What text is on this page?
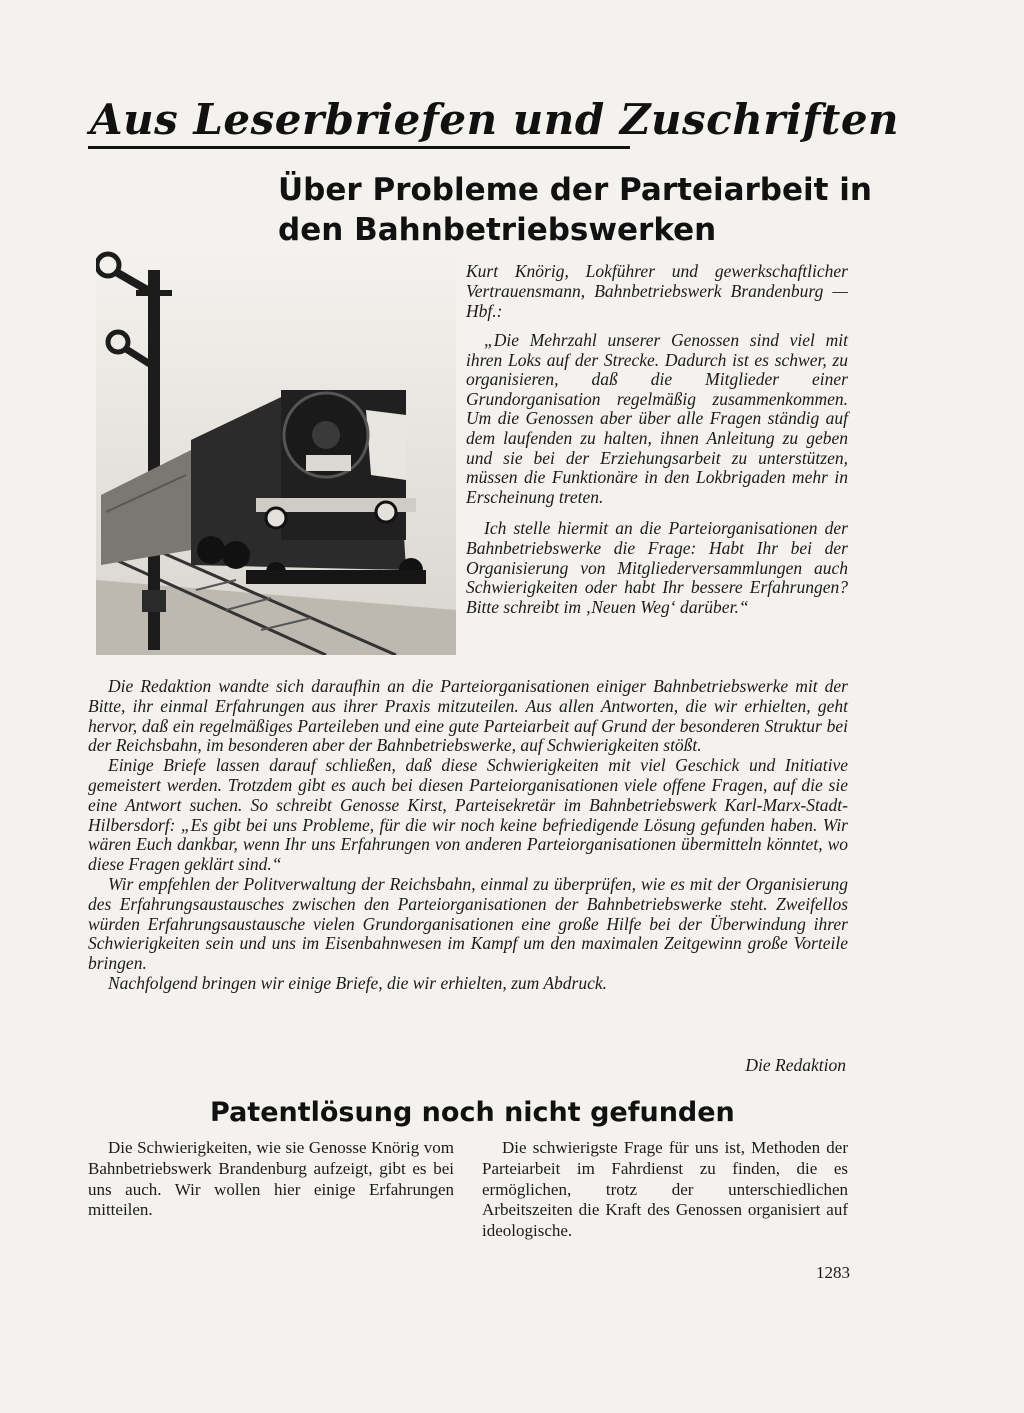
Aus Leserbriefen und Zuschriften
Über Probleme der Parteiarbeit in den Bahnbetriebswerken

Kurt Knörig, Lokführer und gewerkschaftlicher Vertrauensmann, Bahnbetriebswerk Brandenburg — Hbf.:

„Die Mehrzahl unserer Genossen sind viel mit ihren Loks auf der Strecke. Dadurch ist es schwer, zu organisieren, daß die Mitglieder einer Grundorganisation regelmäßig zusammenkommen. Um die Genossen aber über alle Fragen ständig auf dem laufenden zu halten, ihnen Anleitung zu geben und sie bei der Erziehungsarbeit zu unterstützen, müssen die Funktionäre in den Lokbrigaden mehr in Erscheinung treten.

Ich stelle hiermit an die Parteiorganisationen der Bahnbetriebswerke die Frage: Habt Ihr bei der Organisierung von Mitgliederversammlungen auch Schwierigkeiten oder habt Ihr bessere Erfahrungen? Bitte schreibt im ‚Neuen Weg‘ darüber.“

Die Redaktion wandte sich daraufhin an die Parteiorganisationen einiger Bahnbetriebswerke mit der Bitte, ihr einmal Erfahrungen aus ihrer Praxis mitzuteilen. Aus allen Antworten, die wir erhielten, geht hervor, daß ein regelmäßiges Parteileben und eine gute Parteiarbeit auf Grund der besonderen Struktur bei der Reichsbahn, im besonderen aber der Bahnbetriebswerke, auf Schwierigkeiten stößt.

Einige Briefe lassen darauf schließen, daß diese Schwierigkeiten mit viel Geschick und Initiative gemeistert werden. Trotzdem gibt es auch bei diesen Parteiorganisationen viele offene Fragen, auf die sie eine Antwort suchen. So schreibt Genosse Kirst, Parteisekretär im Bahnbetriebswerk Karl-Marx-Stadt-Hilbersdorf: „Es gibt bei uns Probleme, für die wir noch keine befriedigende Lösung gefunden haben. Wir wären Euch dankbar, wenn Ihr uns Erfahrungen von anderen Parteiorganisationen übermitteln könntet, wo diese Fragen geklärt sind.“

Wir empfehlen der Politverwaltung der Reichsbahn, einmal zu überprüfen, wie es mit der Organisierung des Erfahrungsaustausches zwischen den Parteiorganisationen der Bahnbetriebswerke steht. Zweifellos würden Erfahrungsaustausche vielen Grundorganisationen eine große Hilfe bei der Überwindung ihrer Schwierigkeiten sein und uns im Eisenbahnwesen im Kampf um den maximalen Zeitgewinn große Vorteile bringen.

Nachfolgend bringen wir einige Briefe, die wir erhielten, zum Abdruck.

Die Redaktion
Patentlösung noch nicht gefunden

Die Schwierigkeiten, wie sie Genosse Knörig vom Bahnbetriebswerk Brandenburg aufzeigt, gibt es bei uns auch. Wir wollen hier einige Erfahrungen mitteilen.

Die schwierigste Frage für uns ist, Methoden der Parteiarbeit im Fahrdienst zu finden, die es ermöglichen, trotz der unterschiedlichen Arbeitszeiten die Kraft des Genossen organisiert auf ideologische.

1283
